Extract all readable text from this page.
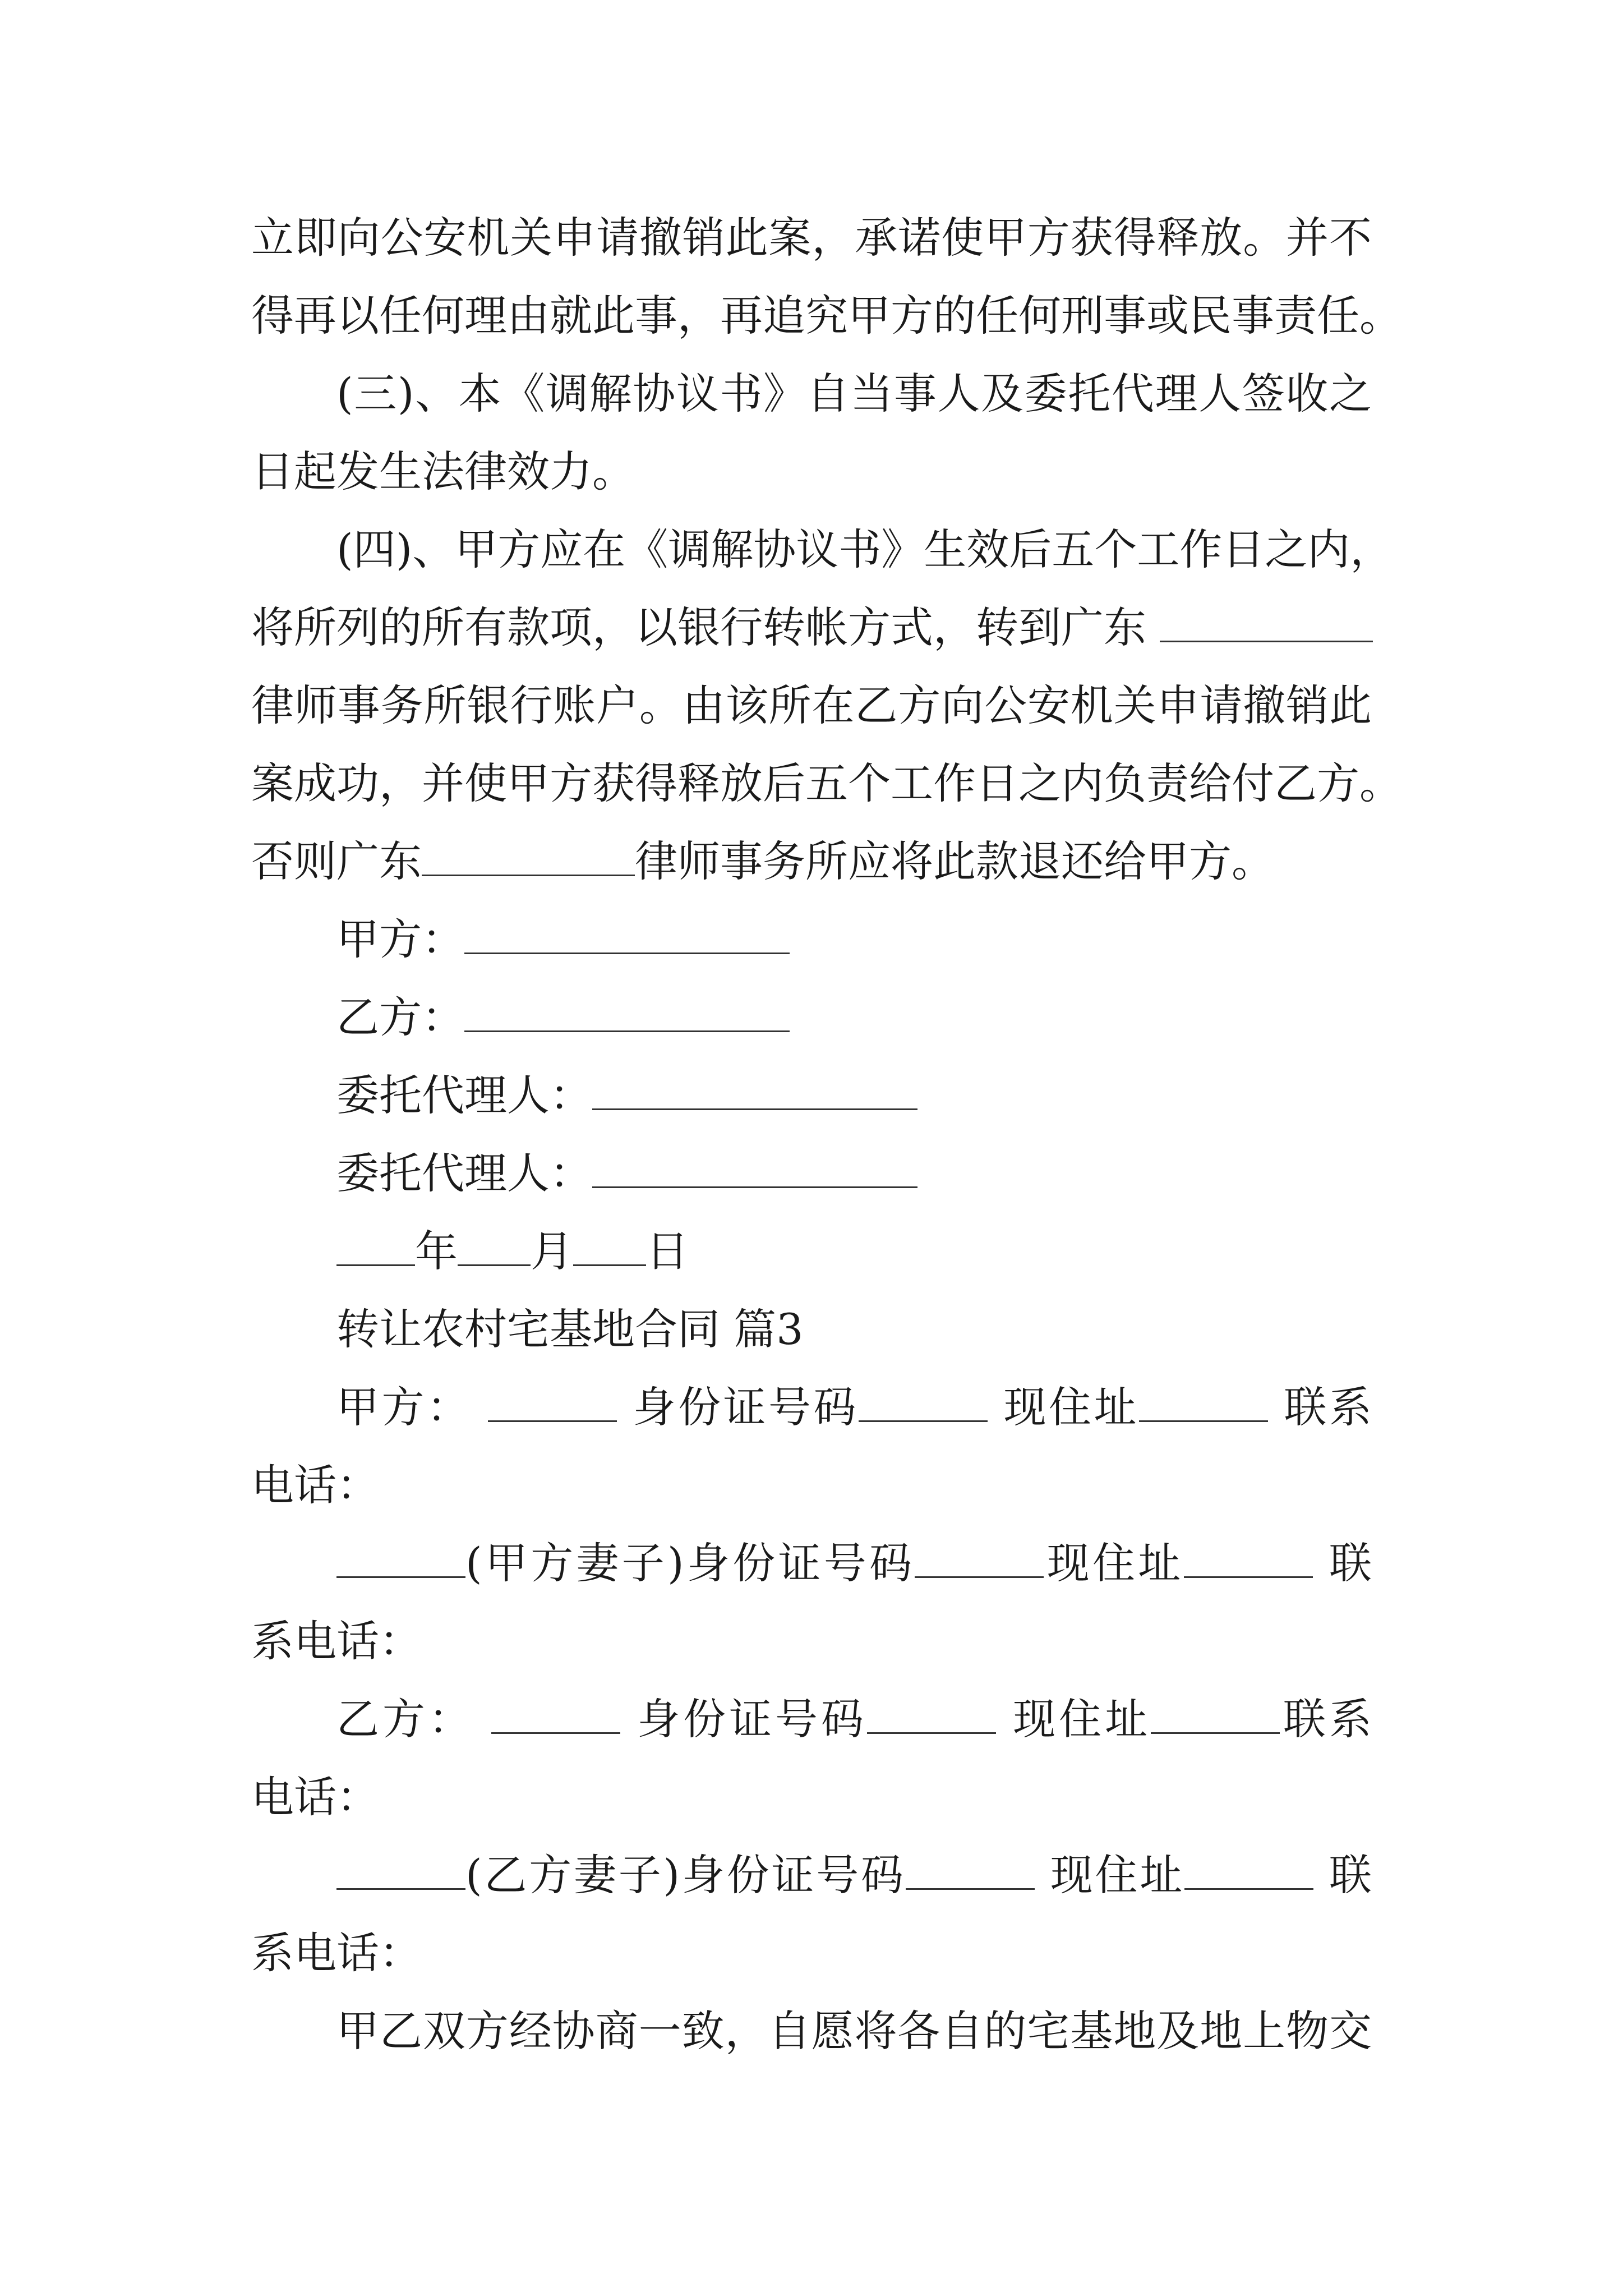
立即向公安机关申请撤销此案，承诺使甲方获得释放。并不
得再以任何理由就此事，再追究甲方的任何刑事或民事责任。
(三)、本《调解协议书》自当事人及委托代理人签收之
日起发生法律效力。
(四)、甲方应在《调解协议书》生效后五个工作日之内，
将所列的所有款项，以银行转帐方式，转到广东
律师事务所银行账户。由该所在乙方向公安机关申请撤销此
案成功，并使甲方获得释放后五个工作日之内负责给付乙方。
否则广东	律师事务所应将此款退还给甲方。
甲方：
乙方：
委托代理人：
委托代理人：
年 月 日
转让农村宅基地合同 篇3
甲方：	身份证号码	现住址	联系
电话：
(甲方妻子)身份证号码	现住址	联
系电话：
乙方：	身份证号码	现住址	联系
电话：
(乙方妻子)身份证号码	现住址	联
系电话：
甲乙双方经协商一致，自愿将各自的宅基地及地上物交
